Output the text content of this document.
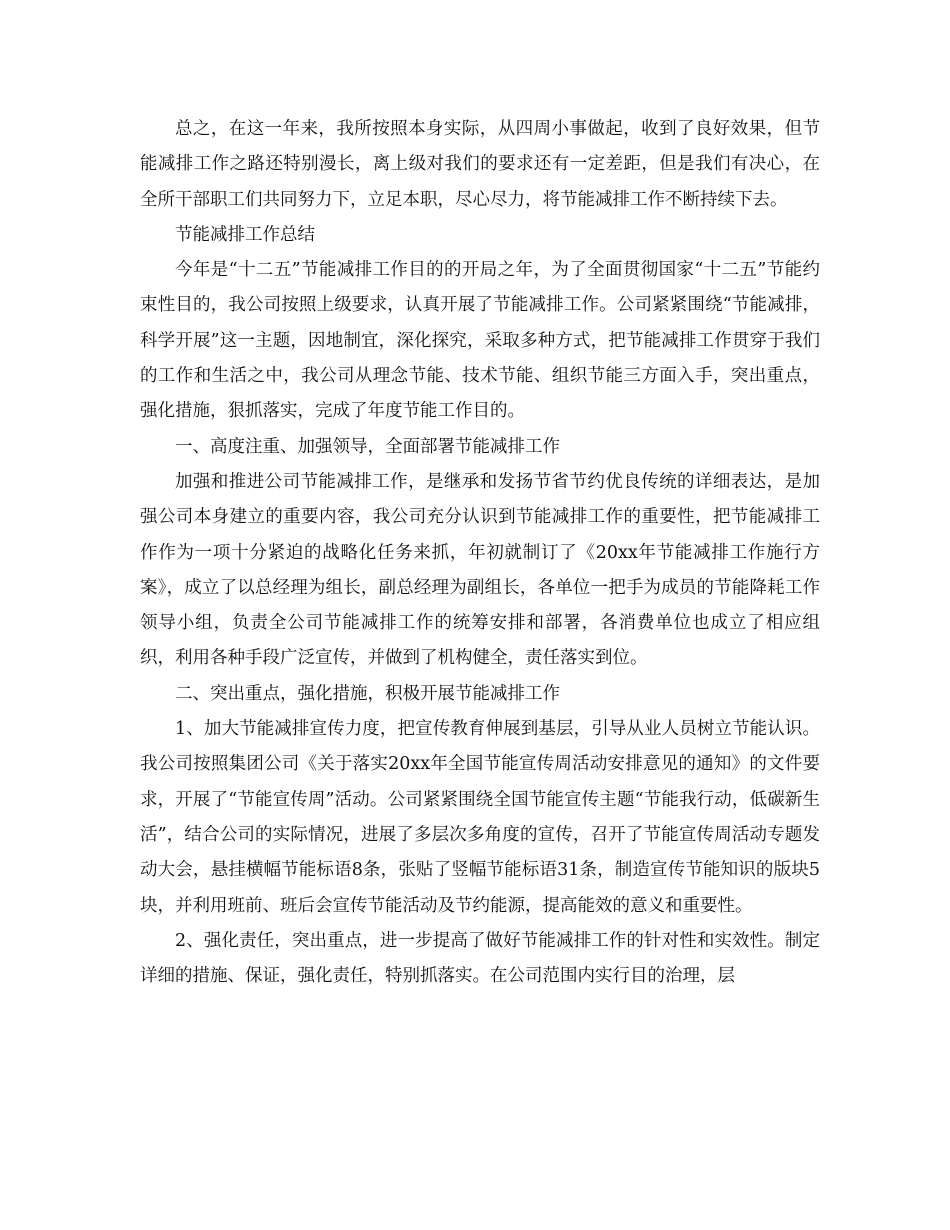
总之，在这一年来，我所按照本身实际，从四周小事做起，收到了良好效果，但节能减排工作之路还特别漫长，离上级对我们的要求还有一定差距，但是我们有决心，在全所干部职工们共同努力下，立足本职，尽心尽力，将节能减排工作不断持续下去。

节能减排工作总结

今年是“十二五”节能减排工作目的的开局之年，为了全面贯彻国家“十二五”节能约束性目的，我公司按照上级要求，认真开展了节能减排工作。公司紧紧围绕“节能减排，科学开展”这一主题，因地制宜，深化探究，采取多种方式，把节能减排工作贯穿于我们的工作和生活之中，我公司从理念节能、技术节能、组织节能三方面入手，突出重点，强化措施，狠抓落实，完成了年度节能工作目的。

一、高度注重、加强领导，全面部署节能减排工作

加强和推进公司节能减排工作，是继承和发扬节省节约优良传统的详细表达，是加强公司本身建立的重要内容，我公司充分认识到节能减排工作的重要性，把节能减排工作作为一项十分紧迫的战略化任务来抓，年初就制订了《20xx年节能减排工作施行方案》，成立了以总经理为组长，副总经理为副组长，各单位一把手为成员的节能降耗工作领导小组，负责全公司节能减排工作的统筹安排和部署，各消费单位也成立了相应组织，利用各种手段广泛宣传，并做到了机构健全，责任落实到位。

二、突出重点，强化措施，积极开展节能减排工作

1、加大节能减排宣传力度，把宣传教育伸展到基层，引导从业人员树立节能认识。我公司按照集团公司《关于落实20xx年全国节能宣传周活动安排意见的通知》的文件要求，开展了“节能宣传周”活动。公司紧紧围绕全国节能宣传主题“节能我行动，低碳新生活”，结合公司的实际情况，进展了多层次多角度的宣传，召开了节能宣传周活动专题发动大会，悬挂横幅节能标语8条，张贴了竖幅节能标语31条，制造宣传节能知识的版块5块，并利用班前、班后会宣传节能活动及节约能源，提高能效的意义和重要性。

2、强化责任，突出重点，进一步提高了做好节能减排工作的针对性和实效性。制定详细的措施、保证，强化责任，特别抓落实。在公司范围内实行目的治理，层
